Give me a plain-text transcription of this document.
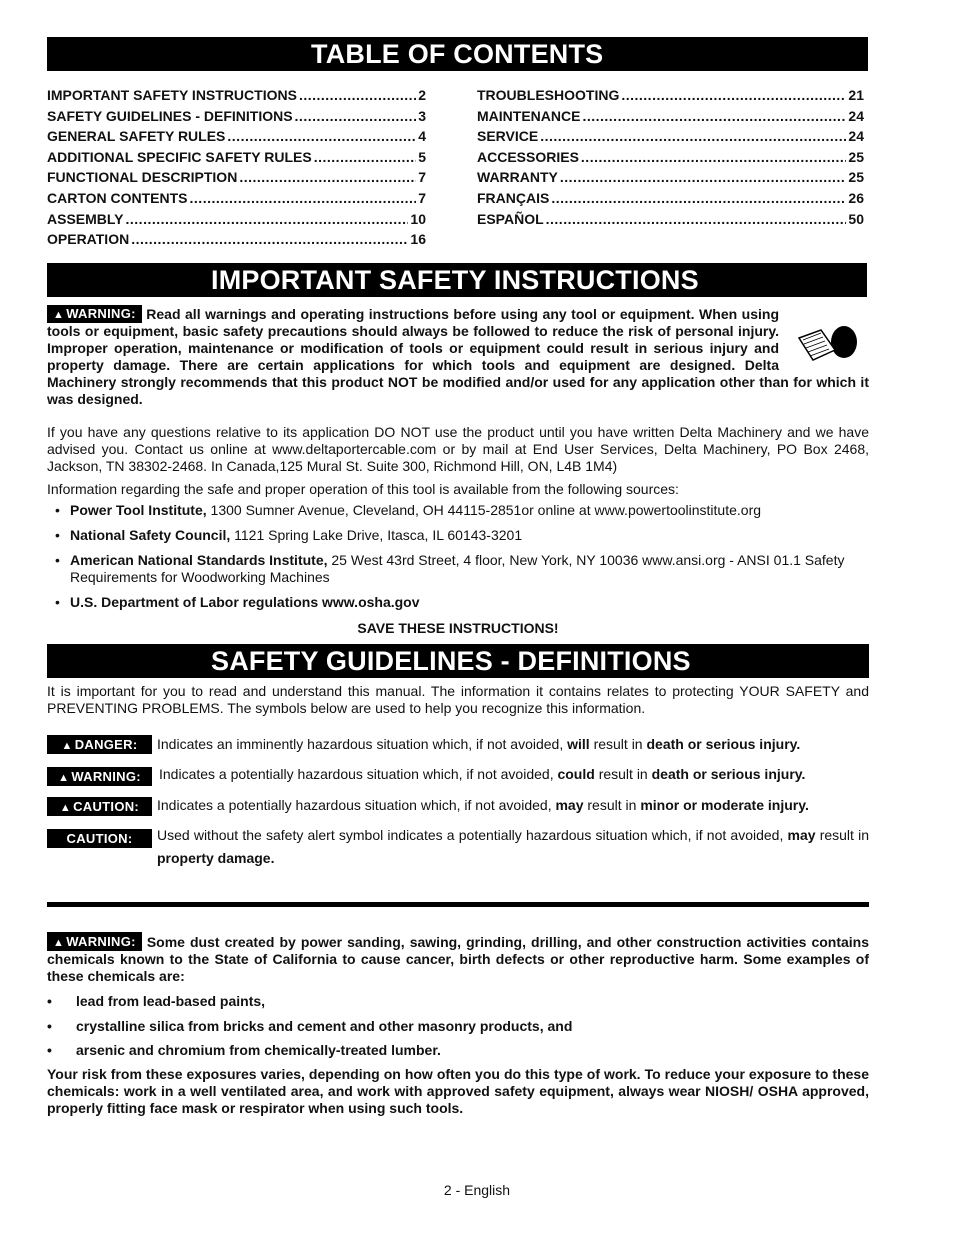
TABLE OF CONTENTS
IMPORTANT SAFETY INSTRUCTIONS .....	2
SAFETY GUIDELINES - DEFINITIONS .....	3
GENERAL SAFETY RULES .....	4
ADDITIONAL SPECIFIC SAFETY RULES .....	5
FUNCTIONAL DESCRIPTION .....	7
CARTON CONTENTS .....	7
ASSEMBLY .....	10
OPERATION .....	16
TROUBLESHOOTING .....	21
MAINTENANCE .....	24
SERVICE .....	24
ACCESSORIES .....	25
WARRANTY .....	25
FRANÇAIS .....	26
ESPAÑOL .....	50
IMPORTANT SAFETY INSTRUCTIONS
▲ WARNING: Read all warnings and operating instructions before using any tool or equipment. When using tools or equipment, basic safety precautions should always be followed to reduce the risk of personal injury. Improper operation, maintenance or modification of tools or equipment could result in serious injury and property damage. There are certain applications for which tools and equipment are designed. Delta Machinery strongly recommends that this product NOT be modified and/or used for any application other than for which it was designed.
If you have any questions relative to its application DO NOT use the product until you have written Delta Machinery and we have advised you. Contact us online at www.deltaportercable.com or by mail at End User Services, Delta Machinery, PO Box 2468, Jackson, TN 38302-2468. In Canada,125 Mural St. Suite 300, Richmond Hill, ON, L4B 1M4)
Information regarding the safe and proper operation of this tool is available from the following sources:
• Power Tool Institute, 1300 Sumner Avenue, Cleveland, OH 44115-2851or online at www.powertoolinstitute.org
• National Safety Council, 1121 Spring Lake Drive, Itasca, IL 60143-3201
• American National Standards Institute, 25 West 43rd Street, 4 floor, New York, NY 10036 www.ansi.org - ANSI 01.1 Safety Requirements for Woodworking Machines
• U.S. Department of Labor regulations www.osha.gov
SAVE THESE INSTRUCTIONS!
SAFETY GUIDELINES - DEFINITIONS
It is important for you to read and understand this manual. The information it contains relates to protecting YOUR SAFETY and PREVENTING PROBLEMS. The symbols below are used to help you recognize this information.
▲ DANGER:	Indicates an imminently hazardous situation which, if not avoided, will result in death or serious injury.
▲ WARNING:	Indicates a potentially hazardous situation which, if not avoided, could result in death or serious injury.
▲ CAUTION:	Indicates a potentially hazardous situation which, if not avoided, may result in minor or moderate injury.
CAUTION:	Used without the safety alert symbol indicates a potentially hazardous situation which, if not avoided, may result in property damage.
▲ WARNING: Some dust created by power sanding, sawing, grinding, drilling, and other construction activities contains chemicals known to the State of California to cause cancer, birth defects or other reproductive harm. Some examples of these chemicals are:
• lead from lead-based paints,
• crystalline silica from bricks and cement and other masonry products, and
• arsenic and chromium from chemically-treated lumber.
Your risk from these exposures varies, depending on how often you do this type of work. To reduce your exposure to these chemicals: work in a well ventilated area, and work with approved safety equipment, always wear NIOSH/ OSHA approved, properly fitting face mask or respirator when using such tools.
2 - English
